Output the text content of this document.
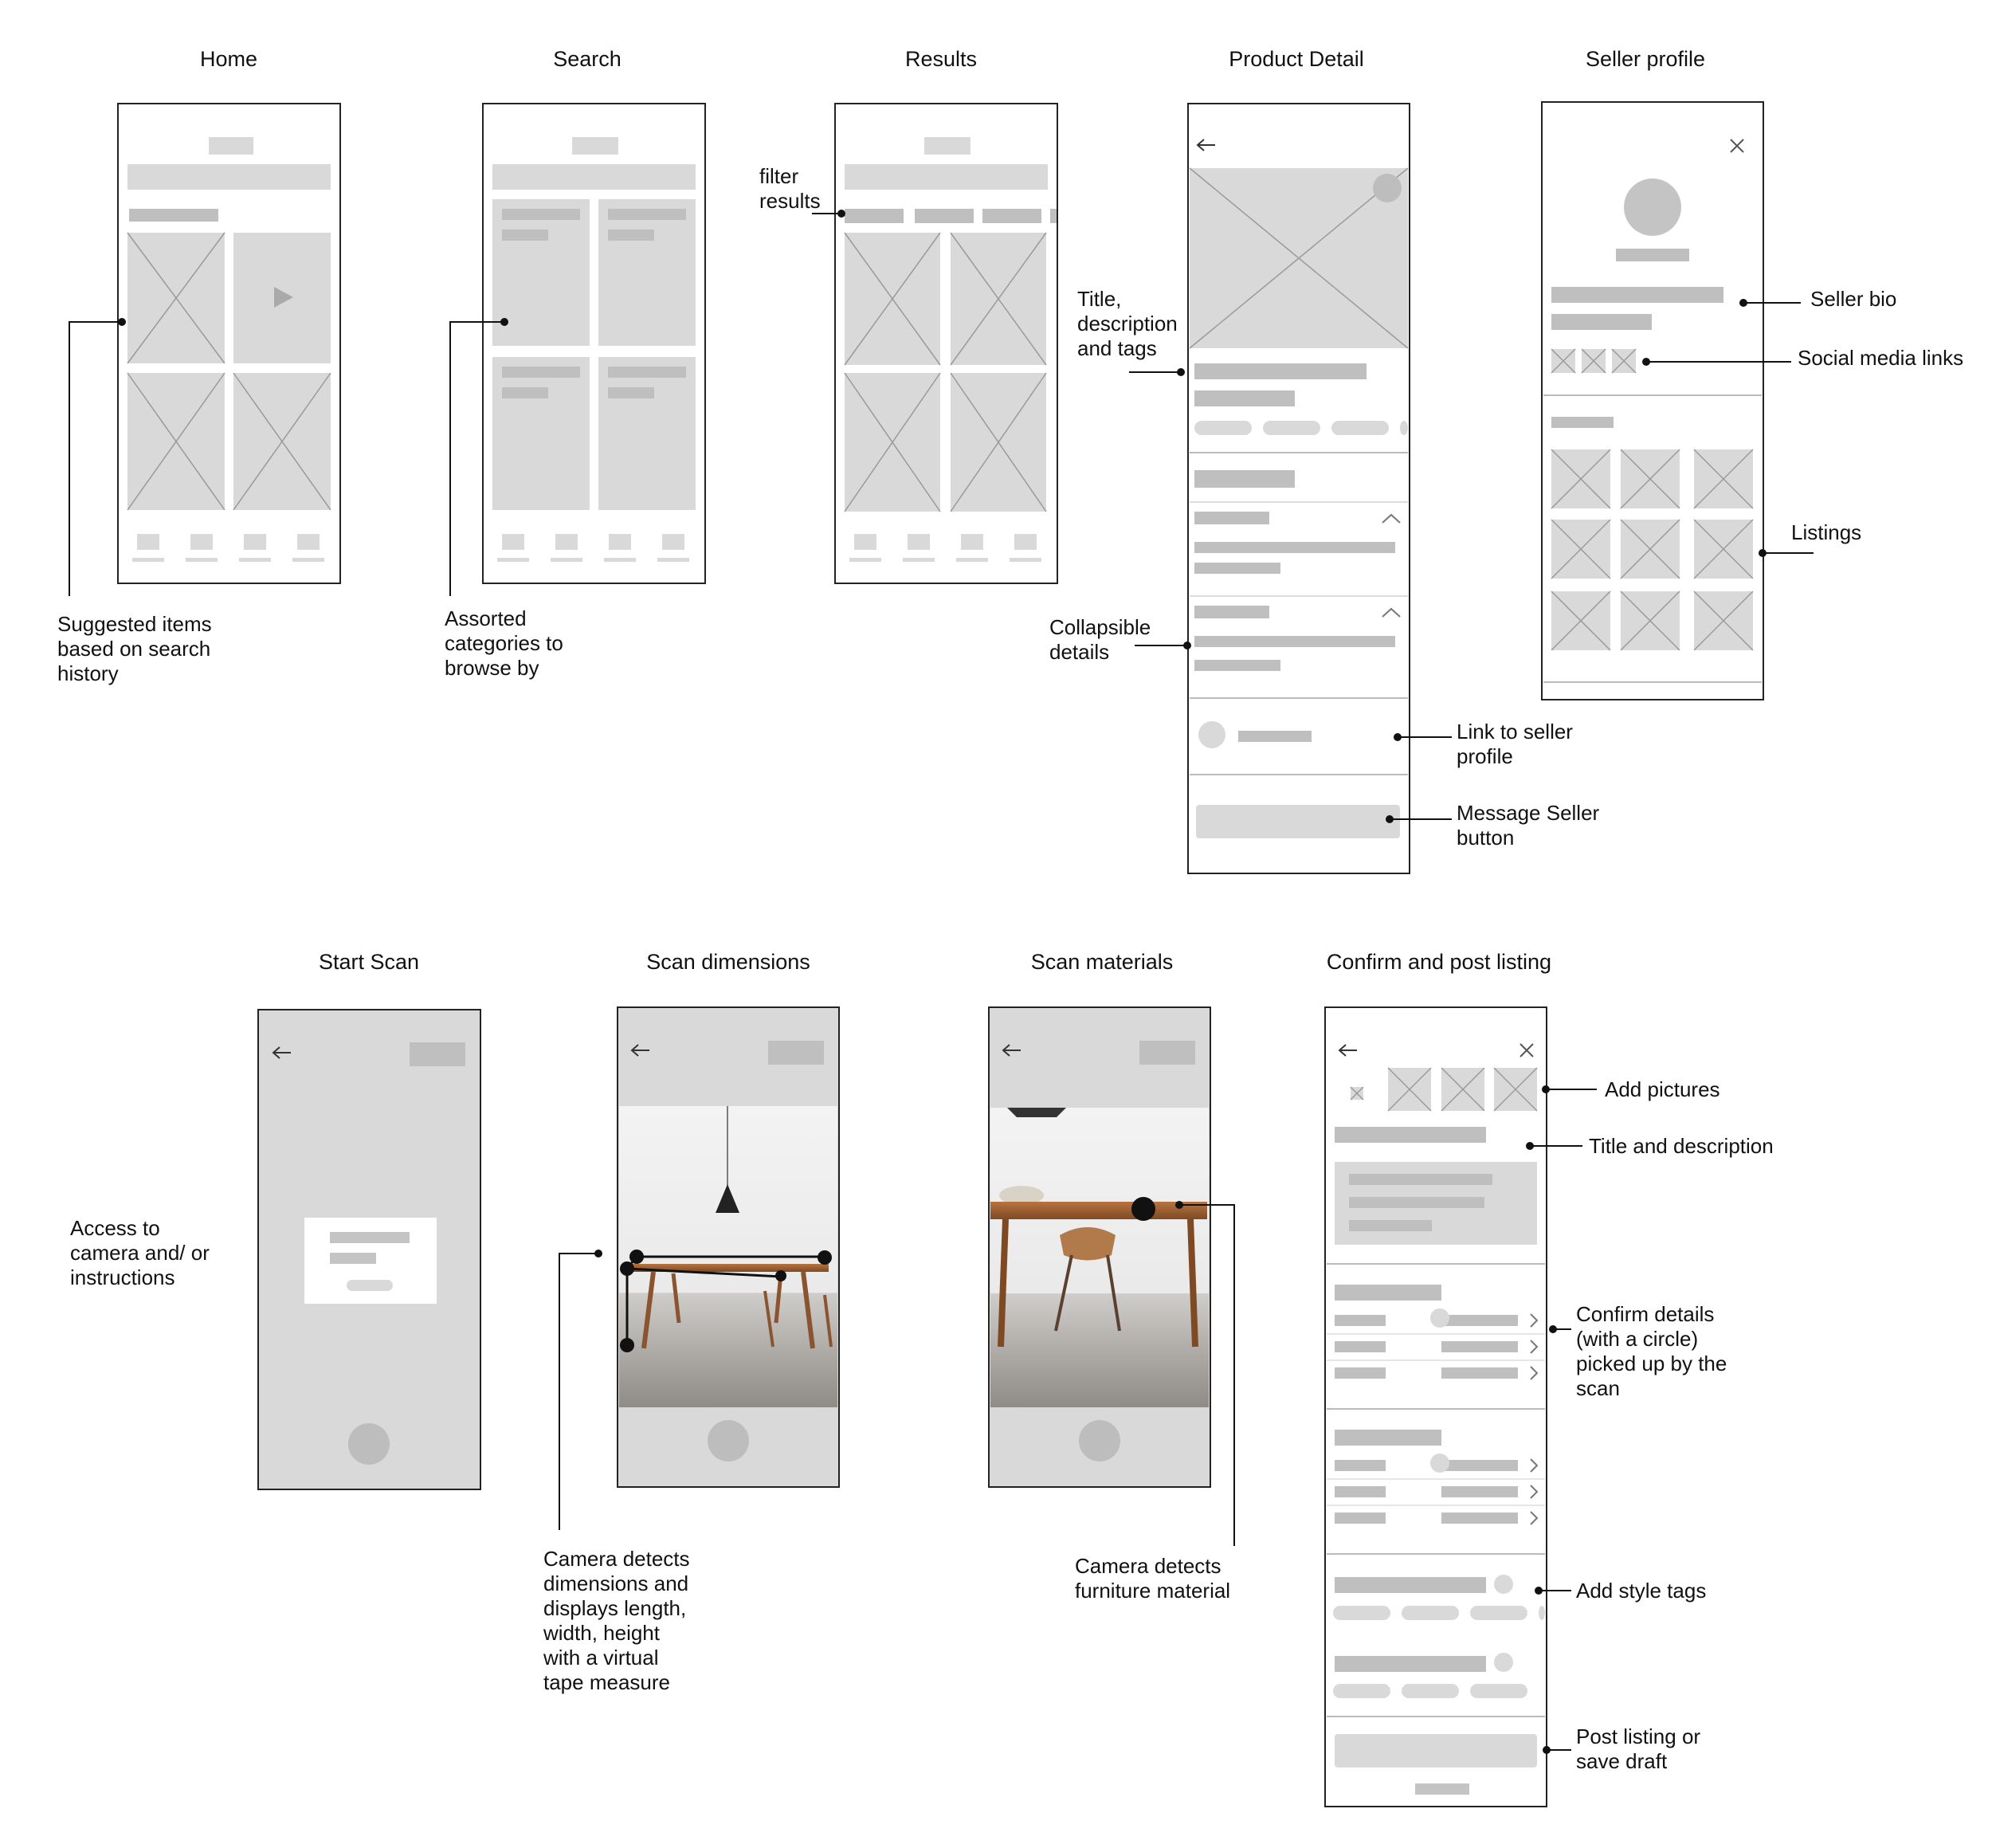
Home	Search	Results	Product Detail	Seller profile
Start Scan	Scan dimensions	Scan materials	Confirm and post listing
Suggested items
based on search
history
Assorted
categories to
browse by
filter
results
Title,
description
and tags
Collapsible
details
Link to seller
profile
Message Seller
button
Seller bio
Social media links
Listings
Access to
camera and/ or
instructions
Camera detects
dimensions and
displays length,
width, height
with a virtual
tape measure
Camera detects
furniture material
Add pictures
Title and description
Confirm details
(with a circle)
picked up by the
scan
Add style tags
Post listing or
save draft
